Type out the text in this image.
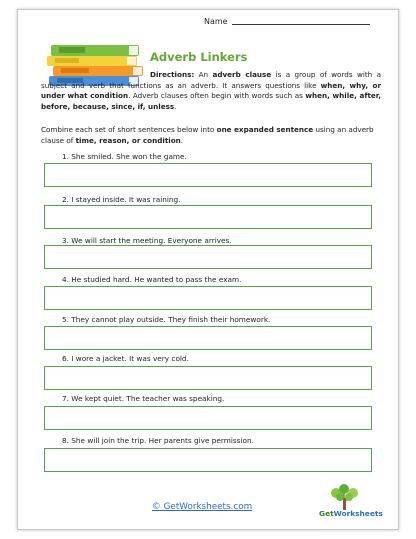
Name
Adverb Linkers
Directions: An adverb clause is a group of words with a subject and verb that functions as an adverb. It answers questions like when, why, or under what condition. Adverb clauses often begin with words such as when, while, after, before, because, since, if, unless.
Combine each set of short sentences below into one expanded sentence using an adverb clause of time, reason, or condition.
1. She smiled. She won the game.
2. I stayed inside. It was raining.
3. We will start the meeting. Everyone arrives.
4. He studied hard. He wanted to pass the exam.
5. They cannot play outside. They finish their homework.
6. I wore a jacket. It was very cold.
7. We kept quiet. The teacher was speaking.
8. She will join the trip. Her parents give permission.
© GetWorksheets.com
GetWorksheets
